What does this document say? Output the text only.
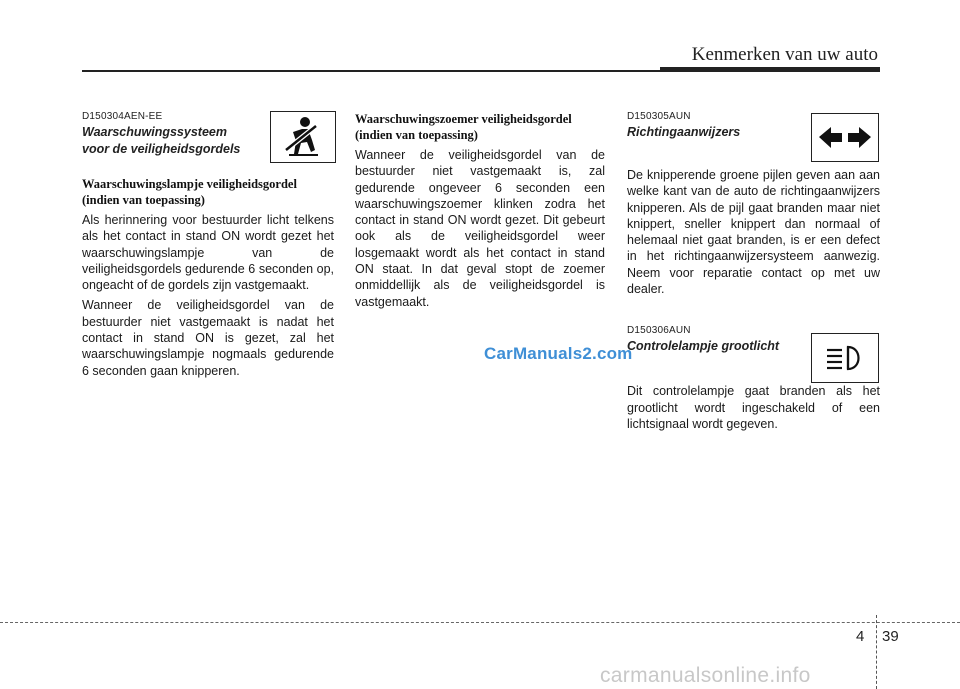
Kenmerken van uw auto

D150304AEN-EE

Waarschuwingssysteem

voor de veiligheidsgordels

Waarschuwingslampje veiligheidsgordel

(indien van toepassing)

Als herinnering voor bestuurder licht telkens als het contact in stand ON wordt gezet het waarschuwingslampje van de veiligheidsgordels gedurende 6 seconden op, ongeacht of de gordels zijn vastgemaakt.

Wanneer de veiligheidsgordel van de bestuurder niet vastgemaakt is nadat het contact in stand ON is gezet, zal het waarschuwingslampje nogmaals gedurende 6 seconden gaan knipperen.

Waarschuwingszoemer veiligheidsgordel

(indien van toepassing)

Wanneer de veiligheidsgordel van de bestuurder niet vastgemaakt is, zal gedurende ongeveer 6 seconden een waarschuwingszoemer klinken zodra het contact in stand ON wordt gezet. Dit gebeurt ook als de veiligheidsgordel weer losgemaakt wordt als het contact in stand ON staat. In dat geval stopt de zoemer onmiddellijk als de veiligheidsgordel is vastgemaakt.

D150305AUN

Richtingaanwijzers

De knipperende groene pijlen geven aan aan welke kant van de auto de richtingaanwijzers knipperen. Als de pijl gaat branden maar niet knippert, sneller knippert dan normaal of helemaal niet gaat branden, is er een defect in het richtingaanwijzersysteem aanwezig. Neem voor reparatie contact op met uw dealer.

D150306AUN

Controlelampje grootlicht

Dit controlelampje gaat branden als het grootlicht wordt ingeschakeld of een lichtsignaal wordt gegeven.

CarManuals2.com
4 39
carmanualsonline.info
